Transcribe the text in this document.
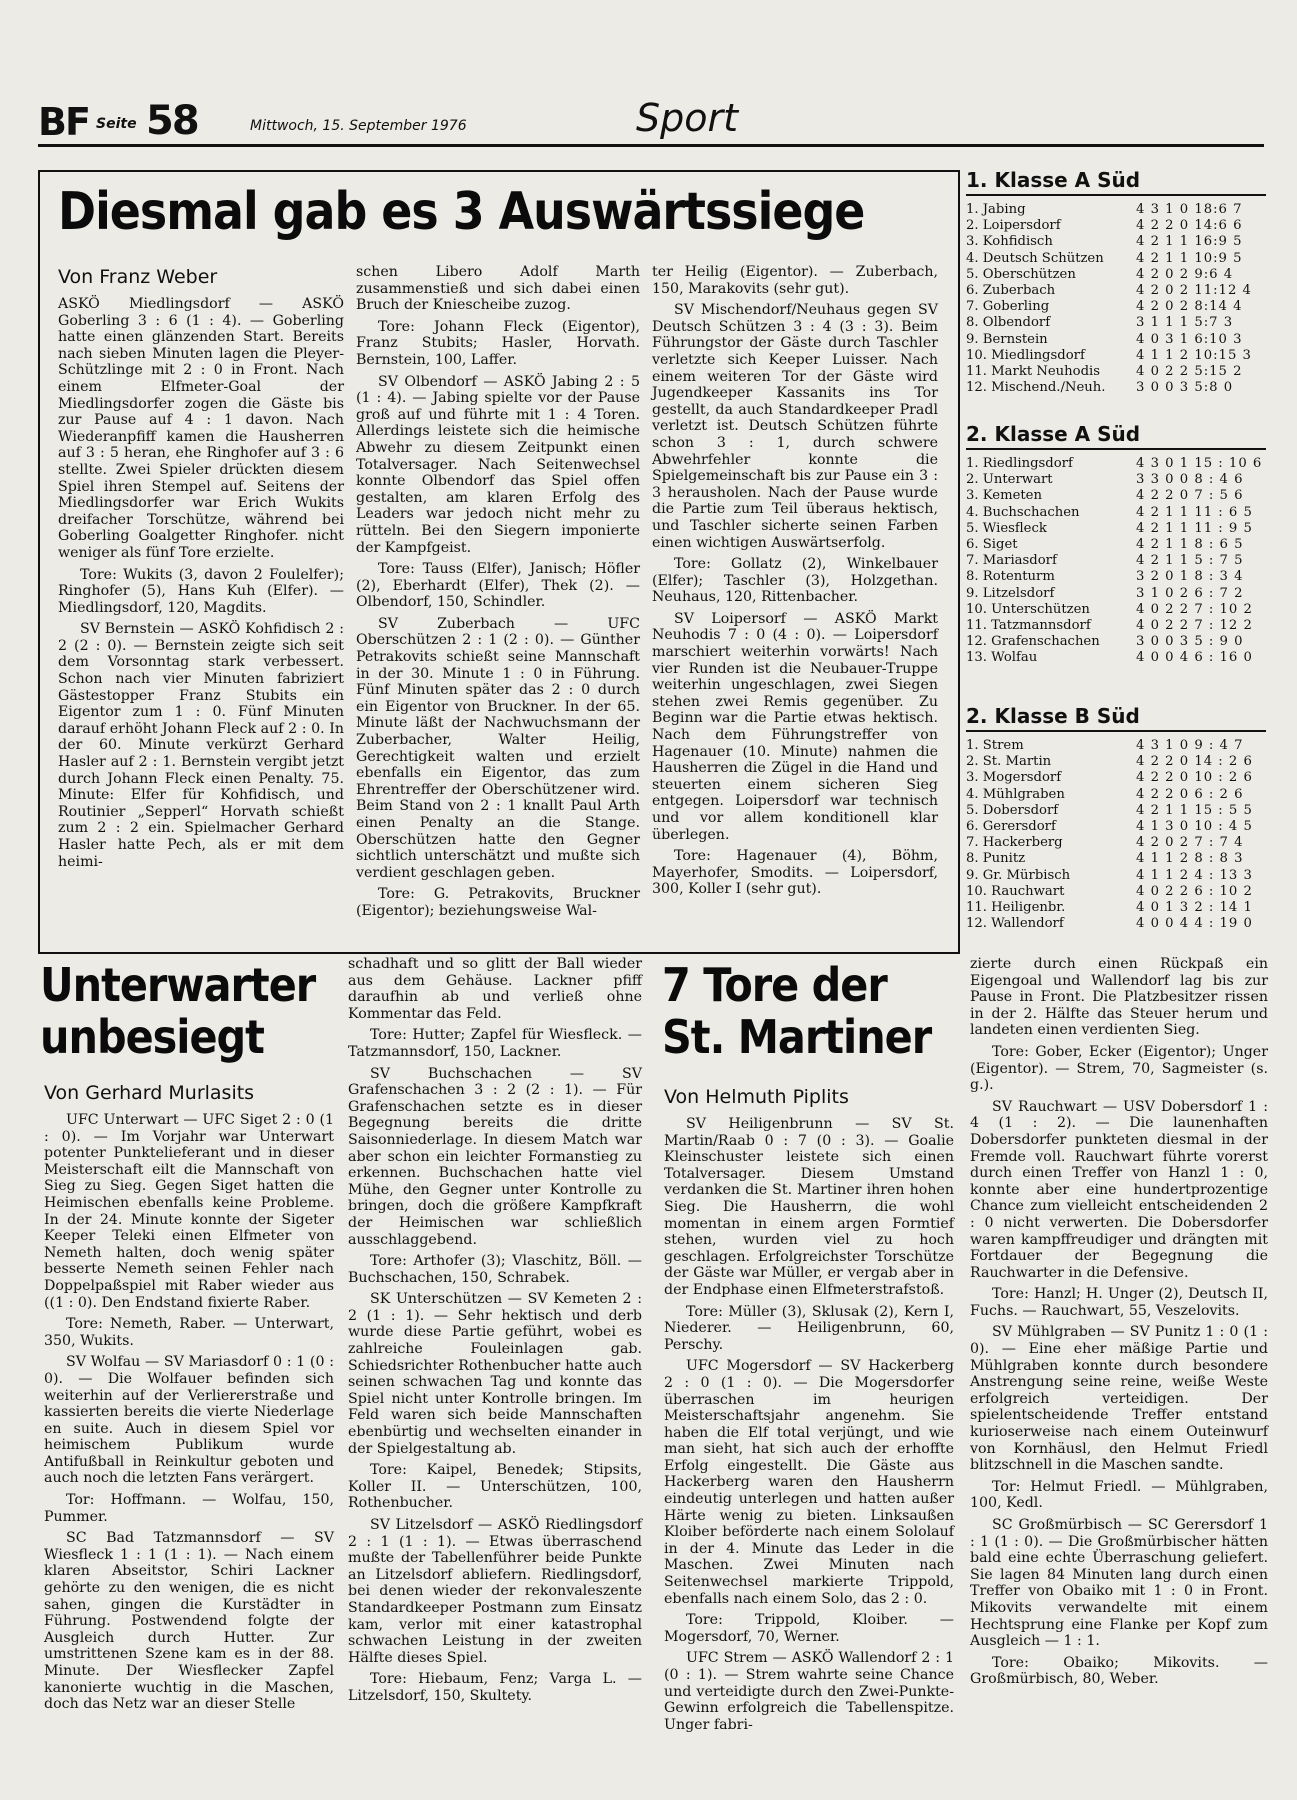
BF Seite 58	Mittwoch, 15. September 1976	Sport
Diesmal gab es 3 Auswärtssiege
Von Franz Weber

ASKÖ Miedlingsdorf — ASKÖ Goberling 3 : 6 (1 : 4). — Goberling hatte einen glänzenden Start. Bereits nach sieben Minuten lagen die Pleyer-Schützlinge mit 2 : 0 in Front. Nach einem Elfmeter-Goal der Miedlingsdorfer zogen die Gäste bis zur Pause auf 4 : 1 davon. Nach Wiederanpfiff kamen die Hausherren auf 3 : 5 heran, ehe Ringhofer auf 3 : 6 stellte. Zwei Spieler drückten diesem Spiel ihren Stempel auf. Seitens der Miedlingsdorfer war Erich Wukits dreifacher Torschütze, während bei Goberling Goalgetter Ringhofer. nicht weniger als fünf Tore erzielte.

Tore: Wukits (3, davon 2 Foulelfer); Ringhofer (5), Hans Kuh (Elfer). — Miedlingsdorf, 120, Magdits.

SV Bernstein — ASKÖ Kohfidisch 2 : 2 (2 : 0). — Bernstein zeigte sich seit dem Vorsonntag stark verbessert. Schon nach vier Minuten fabriziert Gästestopper Franz Stubits ein Eigentor zum 1 : 0. Fünf Minuten darauf erhöht Johann Fleck auf 2 : 0. In der 60. Minute verkürzt Gerhard Hasler auf 2 : 1. Bernstein vergibt jetzt durch Johann Fleck einen Penalty. 75. Minute: Elfer für Kohfidisch, und Routinier „Sepperl“ Horvath schießt zum 2 : 2 ein. Spielmacher Gerhard Hasler hatte Pech, als er mit dem heimi-

schen Libero Adolf Marth zusammenstieß und sich dabei einen Bruch der Kniescheibe zuzog.

Tore: Johann Fleck (Eigentor), Franz Stubits; Hasler, Horvath. Bernstein, 100, Laffer.

SV Olbendorf — ASKÖ Jabing 2 : 5 (1 : 4). — Jabing spielte vor der Pause groß auf und führte mit 1 : 4 Toren. Allerdings leistete sich die heimische Abwehr zu diesem Zeitpunkt einen Totalversager. Nach Seitenwechsel konnte Olbendorf das Spiel offen gestalten, am klaren Erfolg des Leaders war jedoch nicht mehr zu rütteln. Bei den Siegern imponierte der Kampfgeist.

Tore: Tauss (Elfer), Janisch; Höfler (2), Eberhardt (Elfer), Thek (2). — Olbendorf, 150, Schindler.

SV Zuberbach — UFC Oberschützen 2 : 1 (2 : 0). — Günther Petrakovits schießt seine Mannschaft in der 30. Minute 1 : 0 in Führung. Fünf Minuten später das 2 : 0 durch ein Eigentor von Bruckner. In der 65. Minute läßt der Nachwuchsmann der Zuberbacher, Walter Heilig, Gerechtigkeit walten und erzielt ebenfalls ein Eigentor, das zum Ehrentreffer der Oberschützener wird. Beim Stand von 2 : 1 knallt Paul Arth einen Penalty an die Stange. Oberschützen hatte den Gegner sichtlich unterschätzt und mußte sich verdient geschlagen geben.

Tore: G. Petrakovits, Bruckner (Eigentor); beziehungsweise Wal-

ter Heilig (Eigentor). — Zuberbach, 150, Marakovits (sehr gut).

SV Mischendorf/Neuhaus gegen SV Deutsch Schützen 3 : 4 (3 : 3). Beim Führungstor der Gäste durch Taschler verletzte sich Keeper Luisser. Nach einem weiteren Tor der Gäste wird Jugendkeeper Kassanits ins Tor gestellt, da auch Standardkeeper Pradl verletzt ist. Deutsch Schützen führte schon 3 : 1, durch schwere Abwehrfehler konnte die Spielgemeinschaft bis zur Pause ein 3 : 3 herausholen. Nach der Pause wurde die Partie zum Teil überaus hektisch, und Taschler sicherte seinen Farben einen wichtigen Auswärtserfolg.

Tore: Gollatz (2), Winkelbauer (Elfer); Taschler (3), Holzgethan. Neuhaus, 120, Rittenbacher.

SV Loipersorf — ASKÖ Markt Neuhodis 7 : 0 (4 : 0). — Loipersdorf marschiert weiterhin vorwärts! Nach vier Runden ist die Neubauer-Truppe weiterhin ungeschlagen, zwei Siegen stehen zwei Remis gegenüber. Zu Beginn war die Partie etwas hektisch. Nach dem Führungstreffer von Hagenauer (10. Minute) nahmen die Hausherren die Zügel in die Hand und steuerten einem sicheren Sieg entgegen. Loipersdorf war technisch und vor allem konditionell klar überlegen.

Tore: Hagenauer (4), Böhm, Mayerhofer, Smodits. — Loipersdorf, 300, Koller I (sehr gut).

1. Klasse A Süd
1. Jabing	4 3 1 0 18:6 7
2. Loipersdorf	4 2 2 0 14:6 6
3. Kohfidisch	4 2 1 1 16:9 5
4. Deutsch Schützen	4 2 1 1 10:9 5
5. Oberschützen	4 2 0 2 9:6 4
6. Zuberbach	4 2 0 2 11:12 4
7. Goberling	4 2 0 2 8:14 4
8. Olbendorf	3 1 1 1 5:7 3
9. Bernstein	4 0 3 1 6:10 3
10. Miedlingsdorf	4 1 1 2 10:15 3
11. Markt Neuhodis	4 0 2 2 5:15 2
12. Mischend./Neuh.	3 0 0 3 5:8 0
2. Klasse A Süd
1. Riedlingsdorf	4 3 0 1 15 : 10 6
2. Unterwart	3 3 0 0 8 : 4 6
3. Kemeten	4 2 2 0 7 : 5 6
4. Buchschachen	4 2 1 1 11 : 6 5
5. Wiesfleck	4 2 1 1 11 : 9 5
6. Siget	4 2 1 1 8 : 6 5
7. Mariasdorf	4 2 1 1 5 : 7 5
8. Rotenturm	3 2 0 1 8 : 3 4
9. Litzelsdorf	3 1 0 2 6 : 7 2
10. Unterschützen	4 0 2 2 7 : 10 2
11. Tatzmannsdorf	4 0 2 2 7 : 12 2
12. Grafenschachen	3 0 0 3 5 : 9 0
13. Wolfau	4 0 0 4 6 : 16 0
2. Klasse B Süd
1. Strem	4 3 1 0 9 : 4 7
2. St. Martin	4 2 2 0 14 : 2 6
3. Mogersdorf	4 2 2 0 10 : 2 6
4. Mühlgraben	4 2 2 0 6 : 2 6
5. Dobersdorf	4 2 1 1 15 : 5 5
6. Gerersdorf	4 1 3 0 10 : 4 5
7. Hackerberg	4 2 0 2 7 : 7 4
8. Punitz	4 1 1 2 8 : 8 3
9. Gr. Mürbisch	4 1 1 2 4 : 13 3
10. Rauchwart	4 0 2 2 6 : 10 2
11. Heiligenbr.	4 0 1 3 2 : 14 1
12. Wallendorf	4 0 0 4 4 : 19 0
Unterwarter
unbesiegt
Von Gerhard Murlasits

UFC Unterwart — UFC Siget 2 : 0 (1 : 0). — Im Vorjahr war Unterwart potenter Punktelieferant und in dieser Meisterschaft eilt die Mannschaft von Sieg zu Sieg. Gegen Siget hatten die Heimischen ebenfalls keine Probleme. In der 24. Minute konnte der Sigeter Keeper Teleki einen Elfmeter von Nemeth halten, doch wenig später besserte Nemeth seinen Fehler nach Doppelpaßspiel mit Raber wieder aus ((1 : 0). Den Endstand fixierte Raber.

Tore: Nemeth, Raber. — Unterwart, 350, Wukits.

SV Wolfau — SV Mariasdorf 0 : 1 (0 : 0). — Die Wolfauer befinden sich weiterhin auf der Verliererstraße und kassierten bereits die vierte Niederlage en suite. Auch in diesem Spiel vor heimischem Publikum wurde Antifußball in Reinkultur geboten und auch noch die letzten Fans verärgert.

Tor: Hoffmann. — Wolfau, 150, Pummer.

SC Bad Tatzmannsdorf — SV Wiesfleck 1 : 1 (1 : 1). — Nach einem klaren Abseitstor, Schiri Lackner gehörte zu den wenigen, die es nicht sahen, gingen die Kurstädter in Führung. Postwendend folgte der Ausgleich durch Hutter. Zur umstrittenen Szene kam es in der 88. Minute. Der Wiesflecker Zapfel kanonierte wuchtig in die Maschen, doch das Netz war an dieser Stelle

schadhaft und so glitt der Ball wieder aus dem Gehäuse. Lackner pfiff daraufhin ab und verließ ohne Kommentar das Feld.

Tore: Hutter; Zapfel für Wiesfleck. — Tatzmannsdorf, 150, Lackner.

SV Buchschachen — SV Grafenschachen 3 : 2 (2 : 1). — Für Grafenschachen setzte es in dieser Begegnung bereits die dritte Saisonniederlage. In diesem Match war aber schon ein leichter Formanstieg zu erkennen. Buchschachen hatte viel Mühe, den Gegner unter Kontrolle zu bringen, doch die größere Kampfkraft der Heimischen war schließlich ausschlaggebend.

Tore: Arthofer (3); Vlaschitz, Böll. — Buchschachen, 150, Schrabek.

SK Unterschützen — SV Kemeten 2 : 2 (1 : 1). — Sehr hektisch und derb wurde diese Partie geführt, wobei es zahlreiche Fouleinlagen gab. Schiedsrichter Rothenbucher hatte auch seinen schwachen Tag und konnte das Spiel nicht unter Kontrolle bringen. Im Feld waren sich beide Mannschaften ebenbürtig und wechselten einander in der Spielgestaltung ab.

Tore: Kaipel, Benedek; Stipsits, Koller II. — Unterschützen, 100, Rothenbucher.

SV Litzelsdorf — ASKÖ Riedlingsdorf 2 : 1 (1 : 1). — Etwas überraschend mußte der Tabellenführer beide Punkte an Litzelsdorf abliefern. Riedlingsdorf, bei denen wieder der rekonvaleszente Standardkeeper Postmann zum Einsatz kam, verlor mit einer katastrophal schwachen Leistung in der zweiten Hälfte dieses Spiel.

Tore: Hiebaum, Fenz; Varga L. — Litzelsdorf, 150, Skultety.

7 Tore der
St. Martiner
Von Helmuth Piplits

SV Heiligenbrunn — SV St. Martin/Raab 0 : 7 (0 : 3). — Goalie Kleinschuster leistete sich einen Totalversager. Diesem Umstand verdanken die St. Martiner ihren hohen Sieg. Die Hausherrn, die wohl momentan in einem argen Formtief stehen, wurden viel zu hoch geschlagen. Erfolgreichster Torschütze der Gäste war Müller, er vergab aber in der Endphase einen Elfmeterstrafstoß.

Tore: Müller (3), Sklusak (2), Kern I, Niederer. — Heiligenbrunn, 60, Perschy.

UFC Mogersdorf — SV Hackerberg 2 : 0 (1 : 0). — Die Mogersdorfer überraschen im heurigen Meisterschaftsjahr angenehm. Sie haben die Elf total verjüngt, und wie man sieht, hat sich auch der erhoffte Erfolg eingestellt. Die Gäste aus Hackerberg waren den Hausherrn eindeutig unterlegen und hatten außer Härte wenig zu bieten. Linksaußen Kloiber beförderte nach einem Sololauf in der 4. Minute das Leder in die Maschen. Zwei Minuten nach Seitenwechsel markierte Trippold, ebenfalls nach einem Solo, das 2 : 0.

Tore: Trippold, Kloiber. — Mogersdorf, 70, Werner.

UFC Strem — ASKÖ Wallendorf 2 : 1 (0 : 1). — Strem wahrte seine Chance und verteidigte durch den Zwei-Punkte-Gewinn erfolgreich die Tabellenspitze. Unger fabri-

zierte durch einen Rückpaß ein Eigengoal und Wallendorf lag bis zur Pause in Front. Die Platzbesitzer rissen in der 2. Hälfte das Steuer herum und landeten einen verdienten Sieg.

Tore: Gober, Ecker (Eigentor); Unger (Eigentor). — Strem, 70, Sagmeister (s. g.).

SV Rauchwart — USV Dobersdorf 1 : 4 (1 : 2). — Die launenhaften Dobersdorfer punkteten diesmal in der Fremde voll. Rauchwart führte vorerst durch einen Treffer von Hanzl 1 : 0, konnte aber eine hundertprozentige Chance zum vielleicht entscheidenden 2 : 0 nicht verwerten. Die Dobersdorfer waren kampffreudiger und drängten mit Fortdauer der Begegnung die Rauchwarter in die Defensive.

Tore: Hanzl; H. Unger (2), Deutsch II, Fuchs. — Rauchwart, 55, Veszelovits.

SV Mühlgraben — SV Punitz 1 : 0 (1 : 0). — Eine eher mäßige Partie und Mühlgraben konnte durch besondere Anstrengung seine reine, weiße Weste erfolgreich verteidigen. Der spielentscheidende Treffer entstand kurioserweise nach einem Outeinwurf von Kornhäusl, den Helmut Friedl blitzschnell in die Maschen sandte.

Tor: Helmut Friedl. — Mühlgraben, 100, Kedl.

SC Großmürbisch — SC Gerersdorf 1 : 1 (1 : 0). — Die Großmürbischer hätten bald eine echte Überraschung geliefert. Sie lagen 84 Minuten lang durch einen Treffer von Obaiko mit 1 : 0 in Front. Mikovits verwandelte mit einem Hechtsprung eine Flanke per Kopf zum Ausgleich — 1 : 1.

Tore: Obaiko; Mikovits. — Großmürbisch, 80, Weber.
